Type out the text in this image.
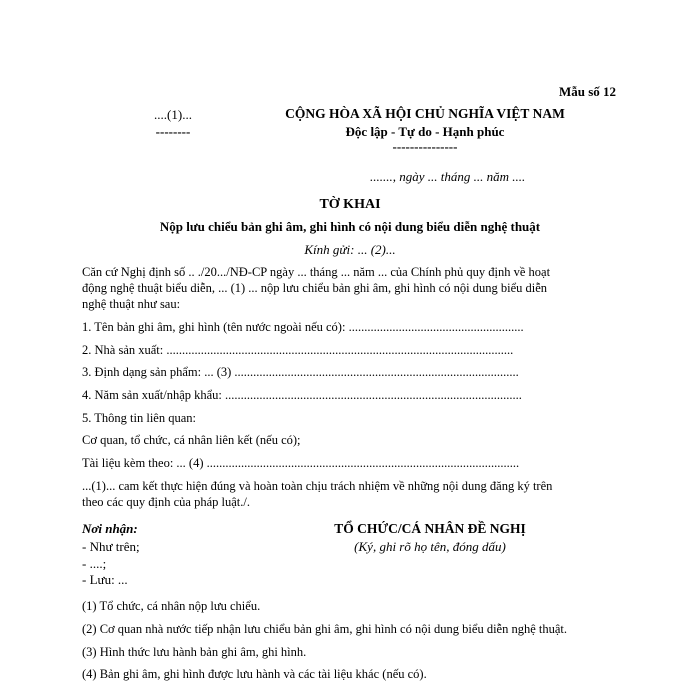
Mẫu số 12
....(1)...
--------
CỘNG HÒA XÃ HỘI CHỦ NGHĨA VIỆT NAM
Độc lập - Tự do - Hạnh phúc
---------------
......., ngày ... tháng ... năm ....
TỜ KHAI
Nộp lưu chiểu bản ghi âm, ghi hình có nội dung biểu diễn nghệ thuật
Kính gửi: ... (2)...
Căn cứ Nghị định số .. ./20.../NĐ-CP ngày ... tháng ... năm ... của Chính phủ quy định về hoạt
động nghệ thuật biểu diễn, ... (1) ... nộp lưu chiểu bản ghi âm, ghi hình có nội dung biểu diễn
nghệ thuật như sau:
1. Tên bản ghi âm, ghi hình (tên nước ngoài nếu có): ........................................................
2. Nhà sản xuất: ...............................................................................................................
3. Định dạng sản phẩm: ... (3) ...........................................................................................
4. Năm sản xuất/nhập khẩu: ...............................................................................................
5. Thông tin liên quan:
Cơ quan, tổ chức, cá nhân liên kết (nếu có);
Tài liệu kèm theo: ... (4) ....................................................................................................
...(1)... cam kết thực hiện đúng và hoàn toàn chịu trách nhiệm về những nội dung đăng ký trên
theo các quy định của pháp luật./.
Nơi nhận:
- Như trên;
- ....;
- Lưu: ...
TỔ CHỨC/CÁ NHÂN ĐỀ NGHỊ
(Ký, ghi rõ họ tên, đóng dấu)
(1) Tổ chức, cá nhân nộp lưu chiểu.
(2) Cơ quan nhà nước tiếp nhận lưu chiểu bản ghi âm, ghi hình có nội dung biểu diễn nghệ thuật.
(3) Hình thức lưu hành bản ghi âm, ghi hình.
(4) Bản ghi âm, ghi hình được lưu hành và các tài liệu khác (nếu có).
